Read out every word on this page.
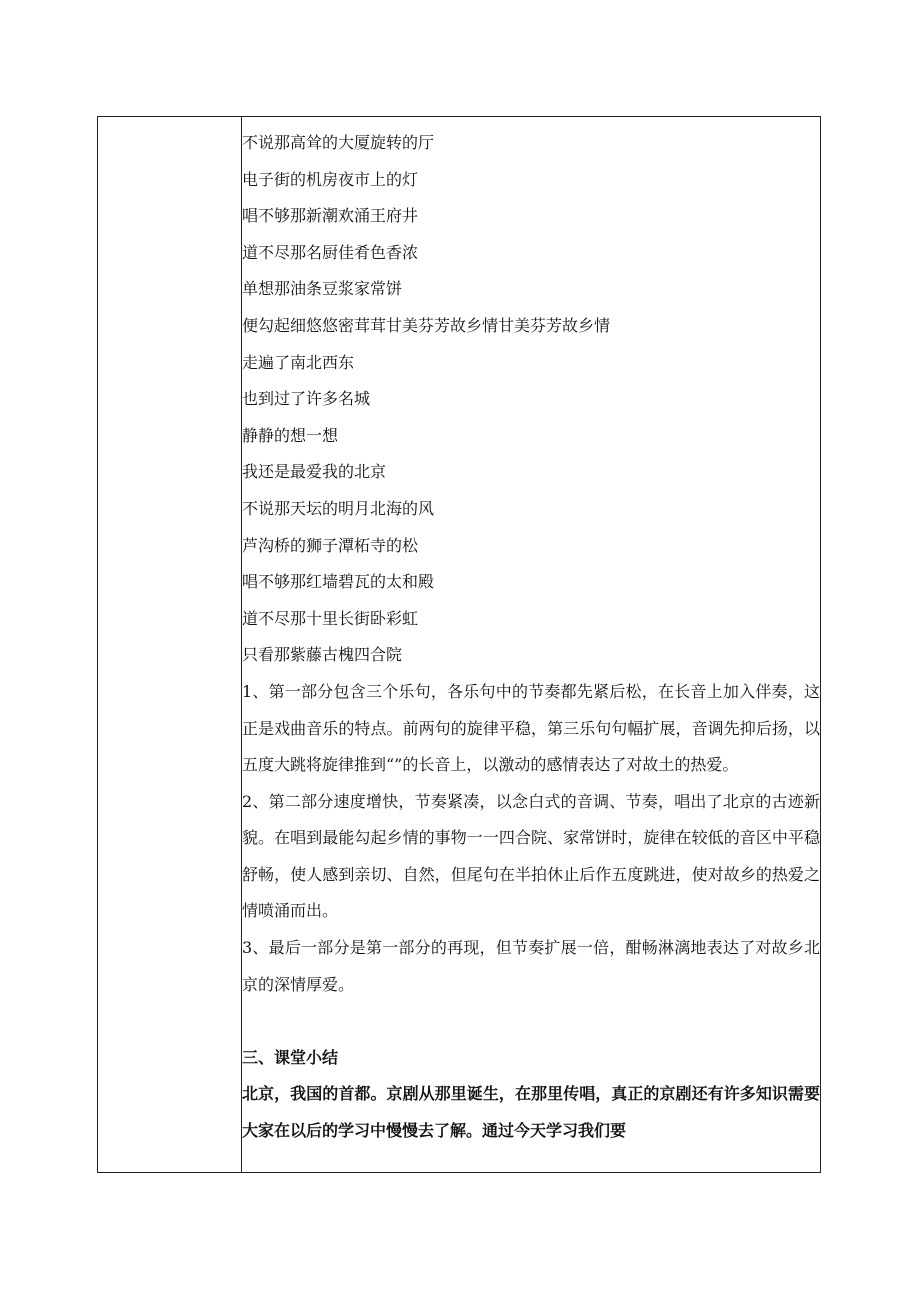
不说那高耸的大厦旋转的厅

电子街的机房夜市上的灯

唱不够那新潮欢涌王府井

道不尽那名厨佳肴色香浓

单想那油条豆浆家常饼

便勾起细悠悠密茸茸甘美芬芳故乡情甘美芬芳故乡情

走遍了南北西东

也到过了许多名城

静静的想一想

我还是最爱我的北京

不说那天坛的明月北海的风

芦沟桥的狮子潭柘寺的松

唱不够那红墙碧瓦的太和殿

道不尽那十里长街卧彩虹

只看那紫藤古槐四合院

1、第一部分包含三个乐句，各乐句中的节奏都先紧后松，在长音上加入伴奏，这正是戏曲音乐的特点。前两句的旋律平稳，第三乐句句幅扩展，音调先抑后扬，以五度大跳将旋律推到“”的长音上，以激动的感情表达了对故土的热爱。

2、第二部分速度增快，节奏紧凑，以念白式的音调、节奏，唱出了北京的古迹新貌。在唱到最能勾起乡情的事物一一四合院、家常饼时，旋律在较低的音区中平稳舒畅，使人感到亲切、自然，但尾句在半拍休止后作五度跳进，使对故乡的热爱之情喷涌而出。

3、最后一部分是第一部分的再现，但节奏扩展一倍，酣畅淋漓地表达了对故乡北京的深情厚爱。

三、课堂小结

北京，我国的首都。京剧从那里诞生，在那里传唱，真正的京剧还有许多知识需要大家在以后的学习中慢慢去了解。通过今天学习我们要
